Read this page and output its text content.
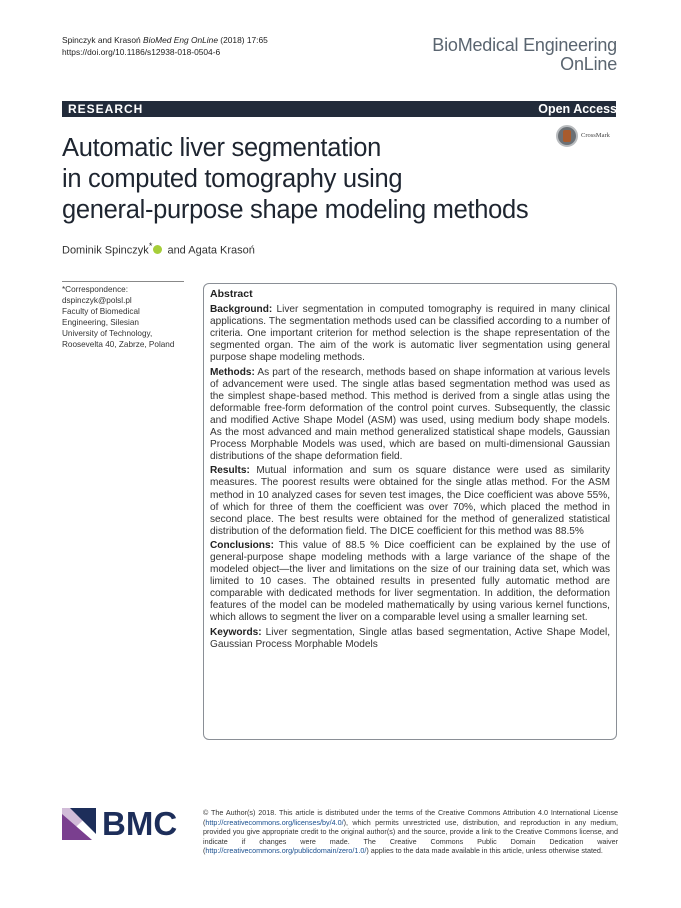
Spinczyk and Krasoń BioMed Eng OnLine (2018) 17:65
https://doi.org/10.1186/s12938-018-0504-6	BioMedical Engineering
OnLine
RESEARCH	Open Access
CrossMark
Automatic liver segmentation
in computed tomography using
general-purpose shape modeling methods
Dominik Spinczyk* and Agata Krasoń
*Correspondence:
dspinczyk@polsl.pl
Faculty of Biomedical
Engineering, Silesian
University of Technology,
Roosevelta 40, Zabrze, Poland
Abstract

Background: Liver segmentation in computed tomography is required in many clinical applications. The segmentation methods used can be classified according to a number of criteria. One important criterion for method selection is the shape representation of the segmented organ. The aim of the work is automatic liver segmentation using general purpose shape modeling methods.

Methods: As part of the research, methods based on shape information at various levels of advancement were used. The single atlas based segmentation method was used as the simplest shape-based method. This method is derived from a single atlas using the deformable free-form deformation of the control point curves. Subsequently, the classic and modified Active Shape Model (ASM) was used, using medium body shape models. As the most advanced and main method generalized statistical shape models, Gaussian Process Morphable Models was used, which are based on multi-dimensional Gaussian distributions of the shape deformation field.

Results: Mutual information and sum os square distance were used as similarity measures. The poorest results were obtained for the single atlas method. For the ASM method in 10 analyzed cases for seven test images, the Dice coefficient was above 55%, of which for three of them the coefficient was over 70%, which placed the method in second place. The best results were obtained for the method of generalized statistical distribution of the deformation field. The DICE coefficient for this method was 88.5%

Conclusions: This value of 88.5 % Dice coefficient can be explained by the use of general-purpose shape modeling methods with a large variance of the shape of the modeled object—the liver and limitations on the size of our training data set, which was limited to 10 cases. The obtained results in presented fully automatic method are comparable with dedicated methods for liver segmentation. In addition, the deformation features of the model can be modeled mathematically by using various kernel functions, which allows to segment the liver on a comparable level using a smaller learning set.

Keywords: Liver segmentation, Single atlas based segmentation, Active Shape Model, Gaussian Process Morphable Models

BMC	© The Author(s) 2018. This article is distributed under the terms of the Creative Commons Attribution 4.0 International License (http://creativecommons.org/licenses/by/4.0/), which permits unrestricted use, distribution, and reproduction in any medium, provided you give appropriate credit to the original author(s) and the source, provide a link to the Creative Commons license, and indicate if changes were made. The Creative Commons Public Domain Dedication waiver (http://creativecommons.org/publicdomain/zero/1.0/) applies to the data made available in this article, unless otherwise stated.
